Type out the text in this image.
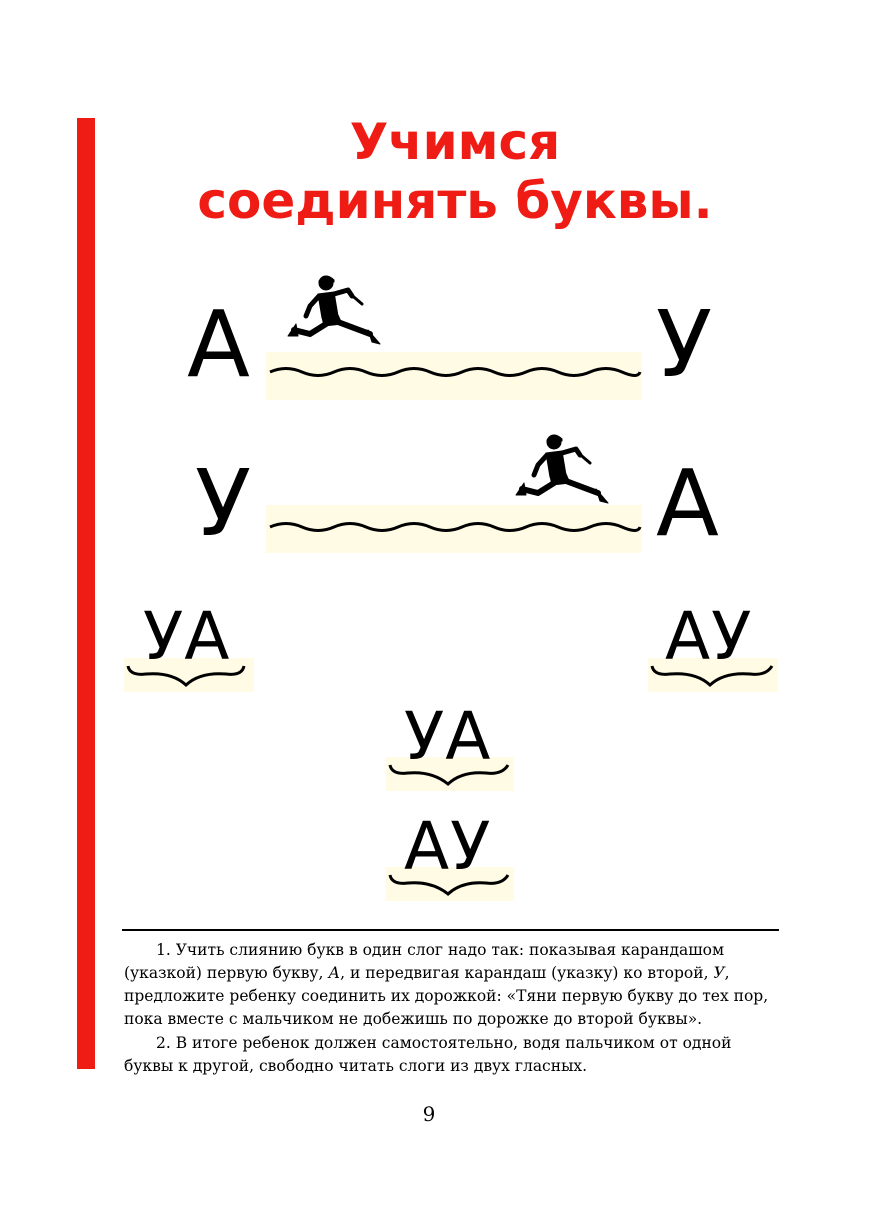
Учимся
соединять буквы.
А	У
У	А
УА	АУ
УА
АУ

1. Учить слиянию букв в один слог надо так: показывая карандашом (указкой) первую букву, А, и передвигая карандаш (указку) ко второй, У, предложите ребенку соединить их дорожкой: «Тяни первую букву до тех пор, пока вместе с мальчиком не добежишь по дорожке до второй буквы».

2. В итоге ребенок должен самостоятельно, водя пальчиком от одной буквы к другой, свободно читать слоги из двух гласных.

9
